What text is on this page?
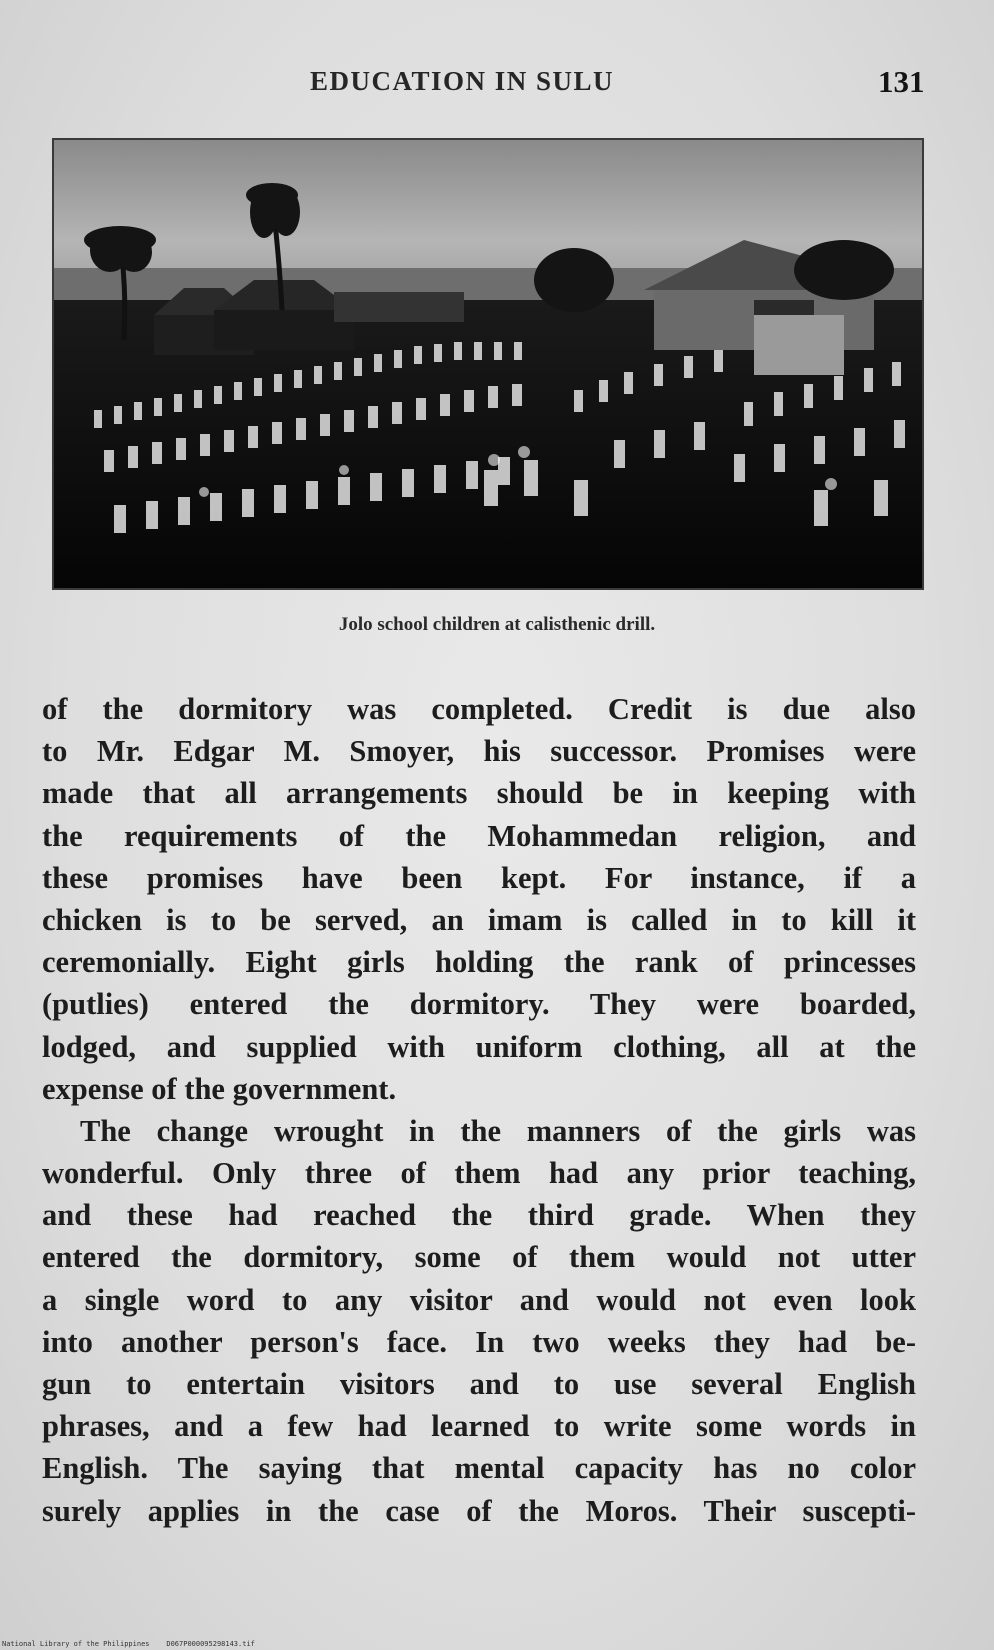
EDUCATION IN SULU	131
Jolo school children at calisthenic drill.
of the dormitory was completed. Credit is due also
to Mr. Edgar M. Smoyer, his successor. Promises were
made that all arrangements should be in keeping with
the requirements of the Mohammedan religion, and
these promises have been kept. For instance, if a
chicken is to be served, an imam is called in to kill it
ceremonially. Eight girls holding the rank of princesses
(putlies) entered the dormitory. They were boarded,
lodged, and supplied with uniform clothing, all at the
expense of the government.
The change wrought in the manners of the girls was
wonderful. Only three of them had any prior teaching,
and these had reached the third grade. When they
entered the dormitory, some of them would not utter
a single word to any visitor and would not even look
into another person's face. In two weeks they had be-
gun to entertain visitors and to use several English
phrases, and a few had learned to write some words in
English. The saying that mental capacity has no color
surely applies in the case of the Moros. Their suscepti-
National Library of the Philippines D067P000095298143.tif
